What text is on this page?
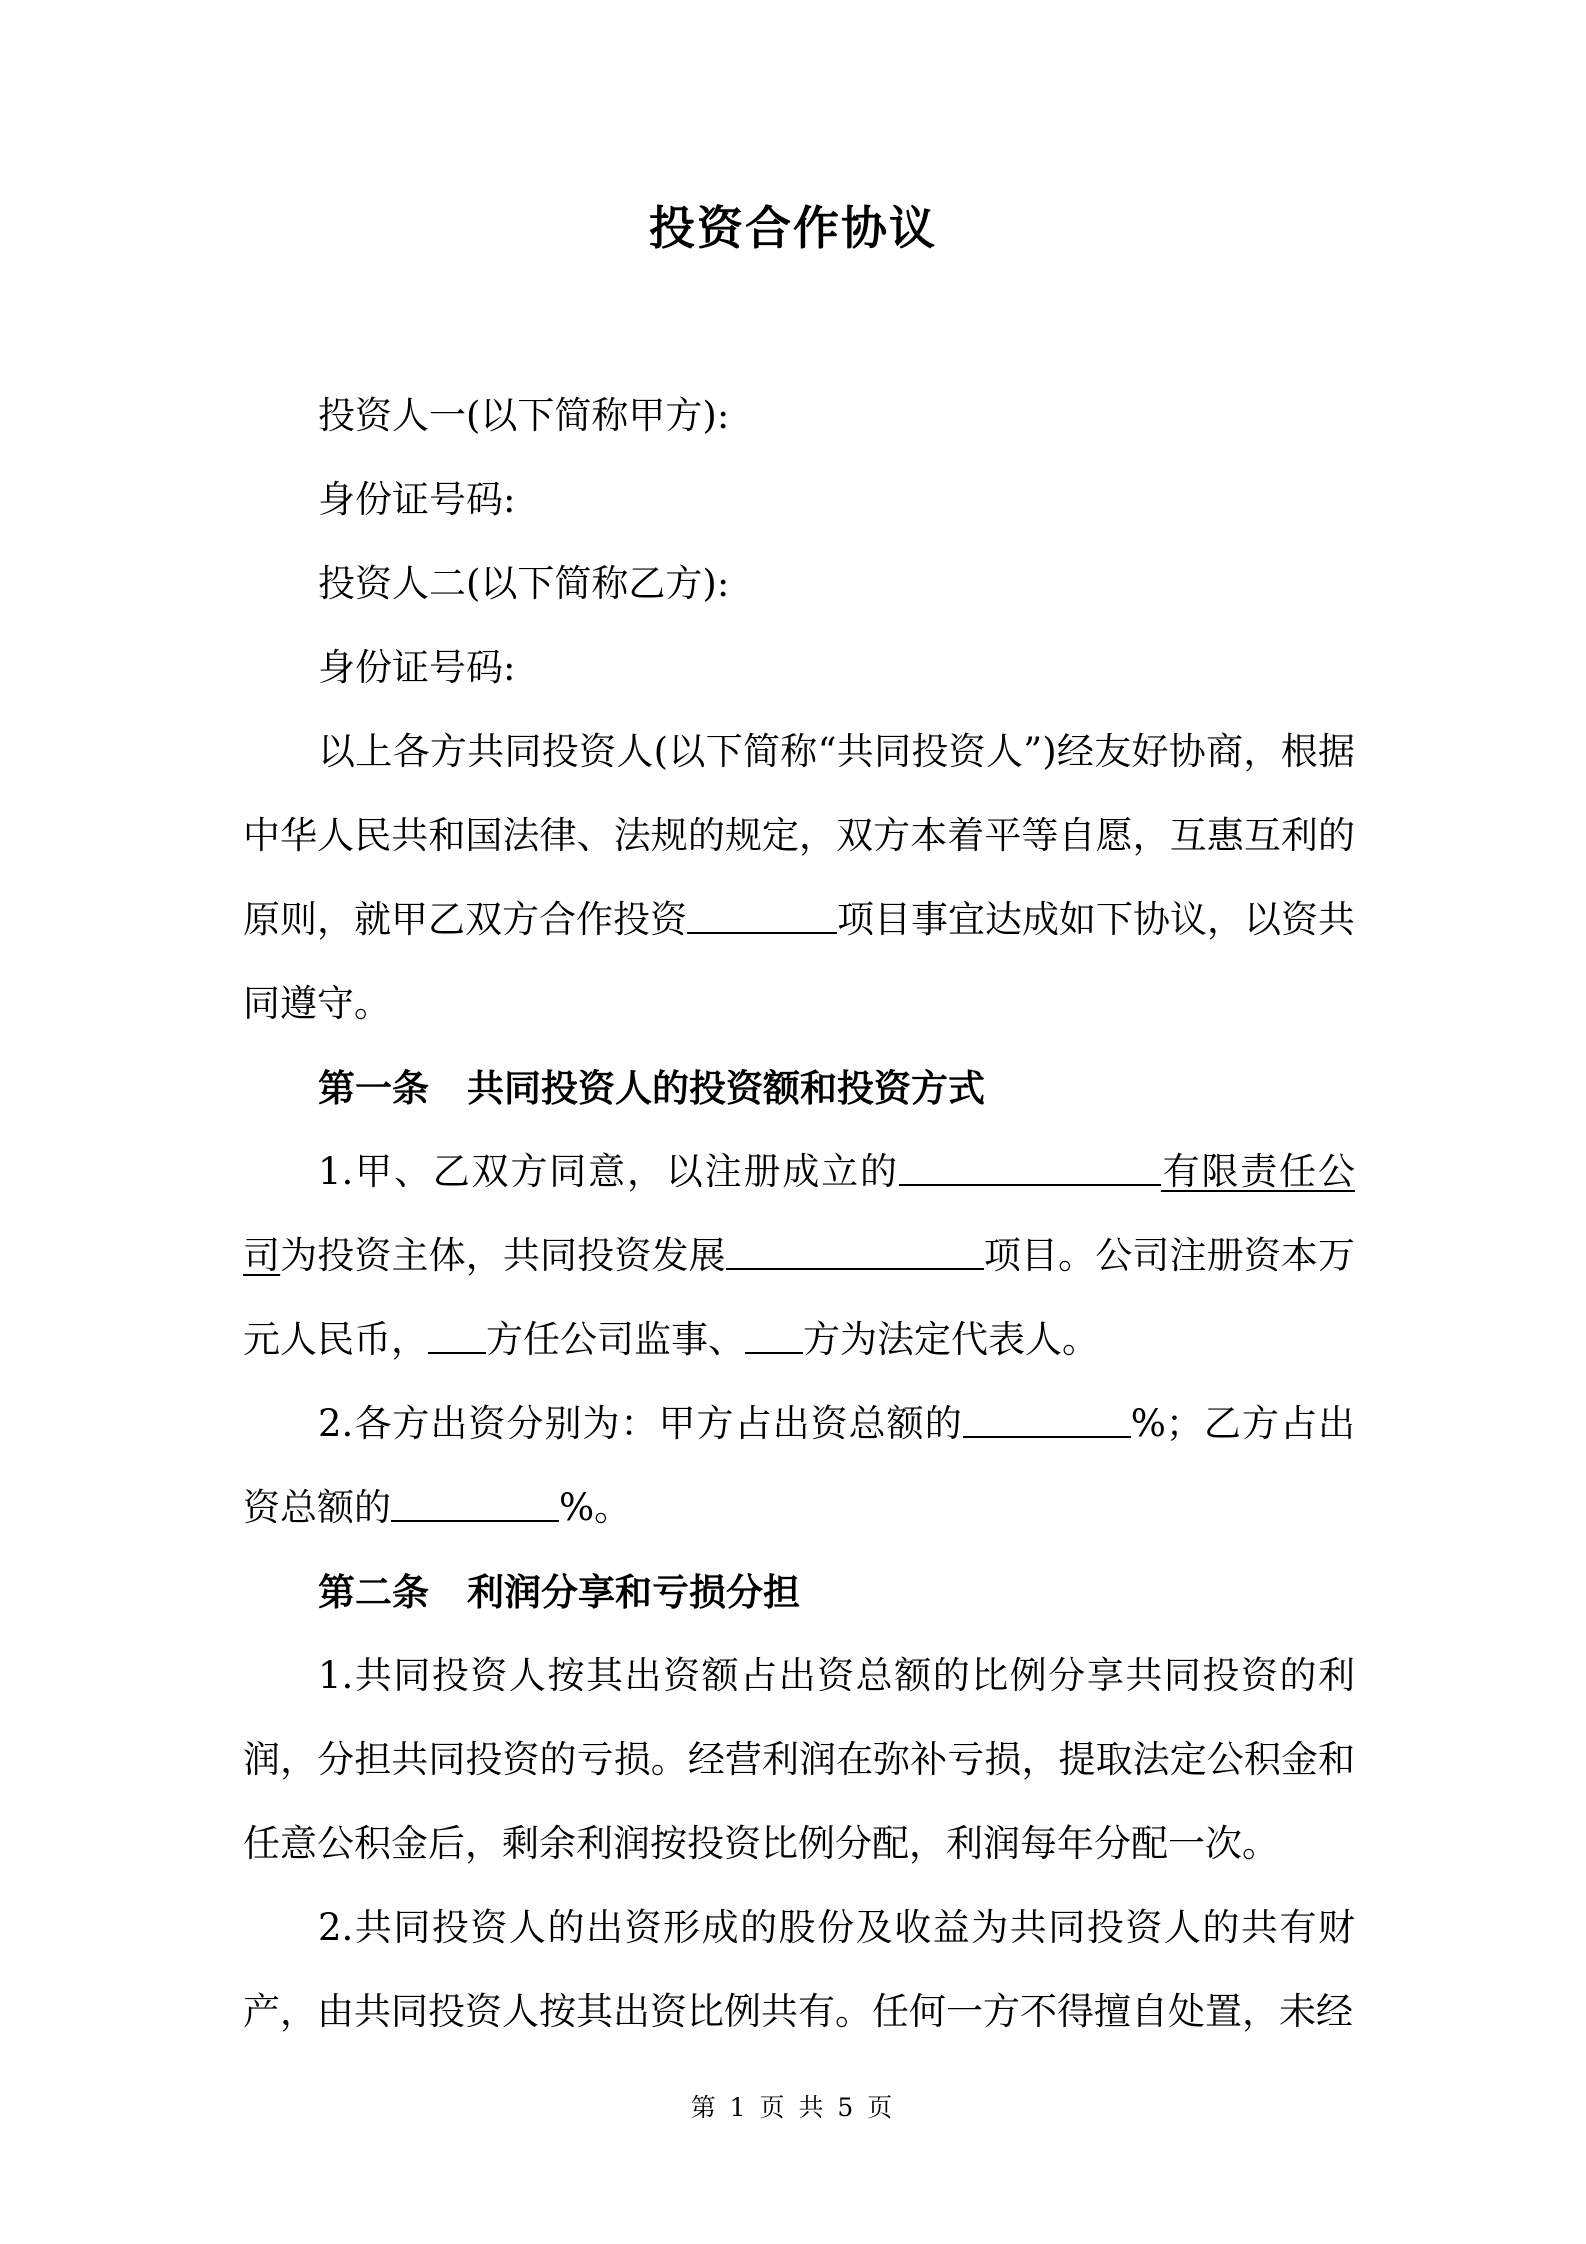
投资合作协议

投资人一(以下简称甲方):

身份证号码:

投资人二(以下简称乙方):

身份证号码:

以上各方共同投资人(以下简称“共同投资人”)经友好协商，根据中华人民共和国法律、法规的规定，双方本着平等自愿，互惠互利的原则，就甲乙双方合作投资	项目事宜达成如下协议，以资共同遵守。

第一条 共同投资人的投资额和投资方式

1.甲、乙双方同意，以注册成立的	有限责任公司为投资主体，共同投资发展	项目。公司注册资本万元人民币， 方任公司监事、 方为法定代表人。

2.各方出资分别为：甲方占出资总额的	%；乙方占出资总额的	%。

第二条 利润分享和亏损分担

1.共同投资人按其出资额占出资总额的比例分享共同投资的利润，分担共同投资的亏损。经营利润在弥补亏损，提取法定公积金和任意公积金后，剩余利润按投资比例分配，利润每年分配一次。

2.共同投资人的出资形成的股份及收益为共同投资人的共有财产，由共同投资人按其出资比例共有。任何一方不得擅自处置，未经

第 1 页 共 5 页
